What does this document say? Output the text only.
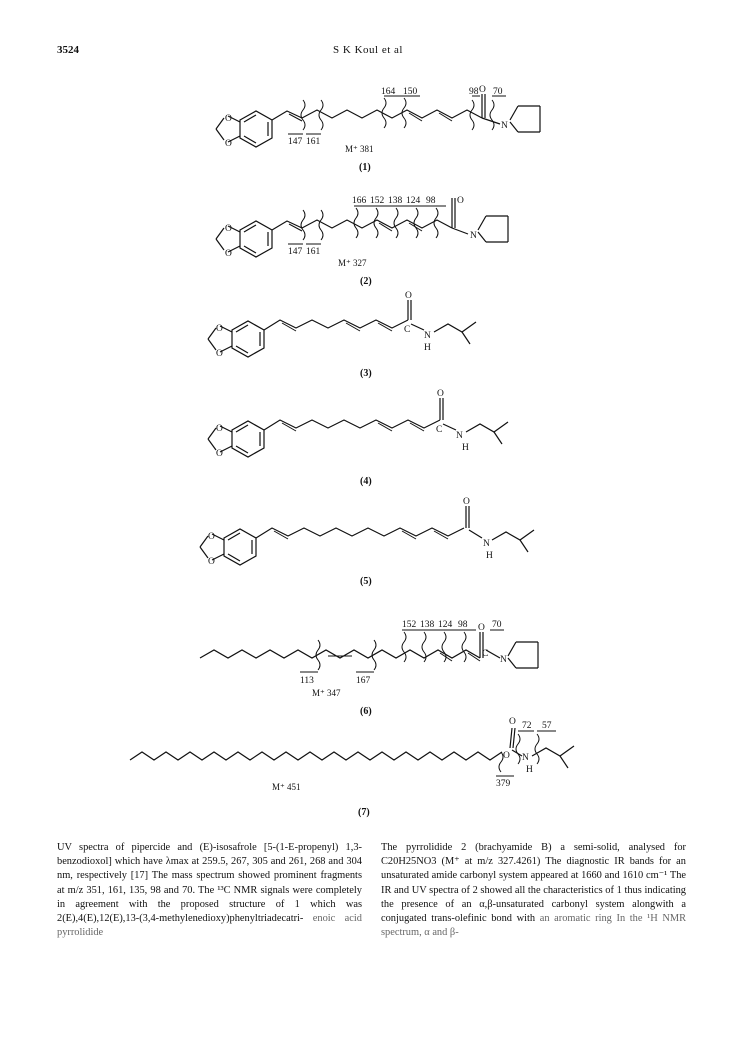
3524	S K Koul et al
O
O
O
N
164 150	98 70
147 161
M⁺ 381
(1)
O
O
O
N
166 152 138 124 98
147 161
M⁺ 327
(2)
O
O
O
C
N
H
(3)
O
O
O
C
N
H
(4)
O
O
O
N
H
(5)
O
C
N
152 138 124 98	70
113	167
M⁺ 347
(6)
O
O
N
H
72 57
379
M⁺ 451
(7)
UV spectra of pipercide and (E)-isosafrole [5-(1-E-propenyl) 1,3-benzodioxol] which have λmax at 259.5, 267, 305 and 261, 268 and 304 nm, respectively [17] The mass spectrum showed prominent fragments at m/z 351, 161, 135, 98 and 70. The ¹³C NMR signals were completely in agreement with the proposed structure of 1 which was 2(E),4(E),12(E),13-(3,4-methylenedioxy)phenyltriadecatri- enoic acid pyrrolidide
The pyrrolidide 2 (brachyamide B) a semi-solid, analysed for C20H25NO3 (M⁺ at m/z 327.4261) The diagnostic IR bands for an unsaturated amide carbonyl system appeared at 1660 and 1610 cm⁻¹ The IR and UV spectra of 2 showed all the characteristics of 1 thus indicating the presence of an α,β-unsaturated carbonyl system alongwith a conjugated trans-olefinic bond with an aromatic ring In the ¹H NMR spectrum, α and β-
